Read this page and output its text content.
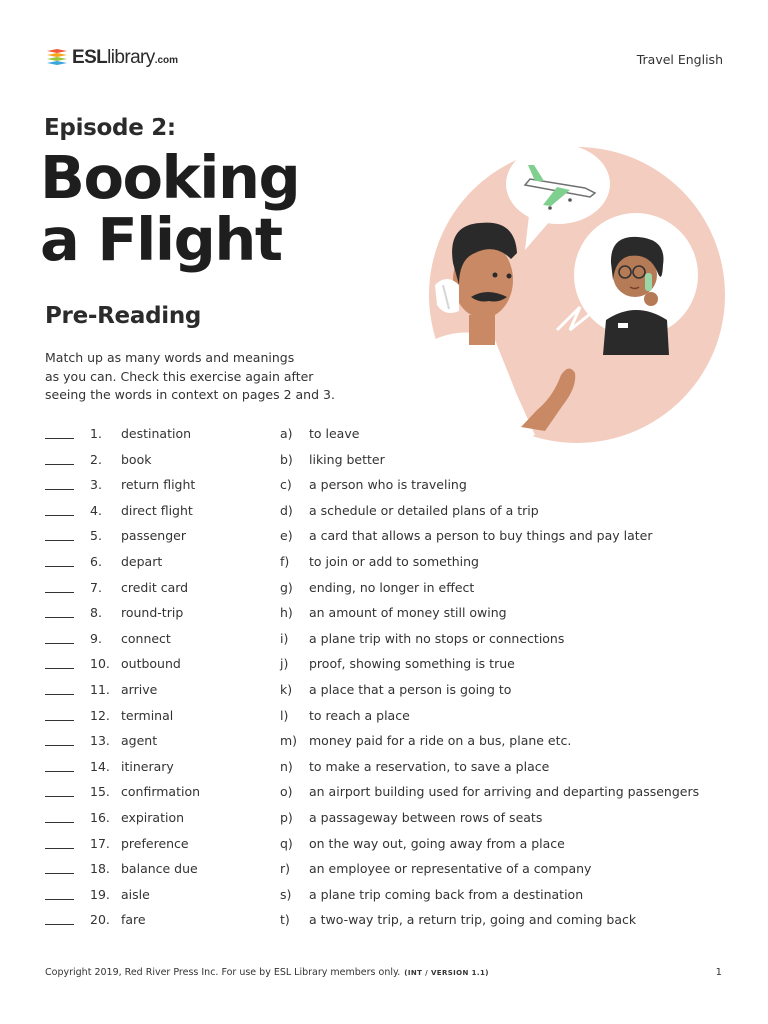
ESLlibrary.com	Travel English
Episode 2:
Booking
a Flight
Pre-Reading
Match up as many words and meanings
as you can. Check this exercise again after
seeing the words in context on pages 2 and 3.
1. destination	a) to leave
2. book	b) liking better
3. return flight	c) a person who is traveling
4. direct flight	d) a schedule or detailed plans of a trip
5. passenger	e) a card that allows a person to buy things and pay later
6. depart	f) to join or add to something
7. credit card	g) ending, no longer in effect
8. round-trip	h) an amount of money still owing
9. connect	i) a plane trip with no stops or connections
10. outbound	j) proof, showing something is true
11. arrive	k) a place that a person is going to
12. terminal	l) to reach a place
13. agent	m) money paid for a ride on a bus, plane etc.
14. itinerary	n) to make a reservation, to save a place
15. confirmation	o) an airport building used for arriving and departing passengers
16. expiration	p) a passageway between rows of seats
17. preference	q) on the way out, going away from a place
18. balance due	r) an employee or representative of a company
19. aisle	s) a plane trip coming back from a destination
20. fare	t) a two-way trip, a return trip, going and coming back
Copyright 2019, Red River Press Inc. For use by ESL Library members only. (INT / VERSION 1.1)	1
